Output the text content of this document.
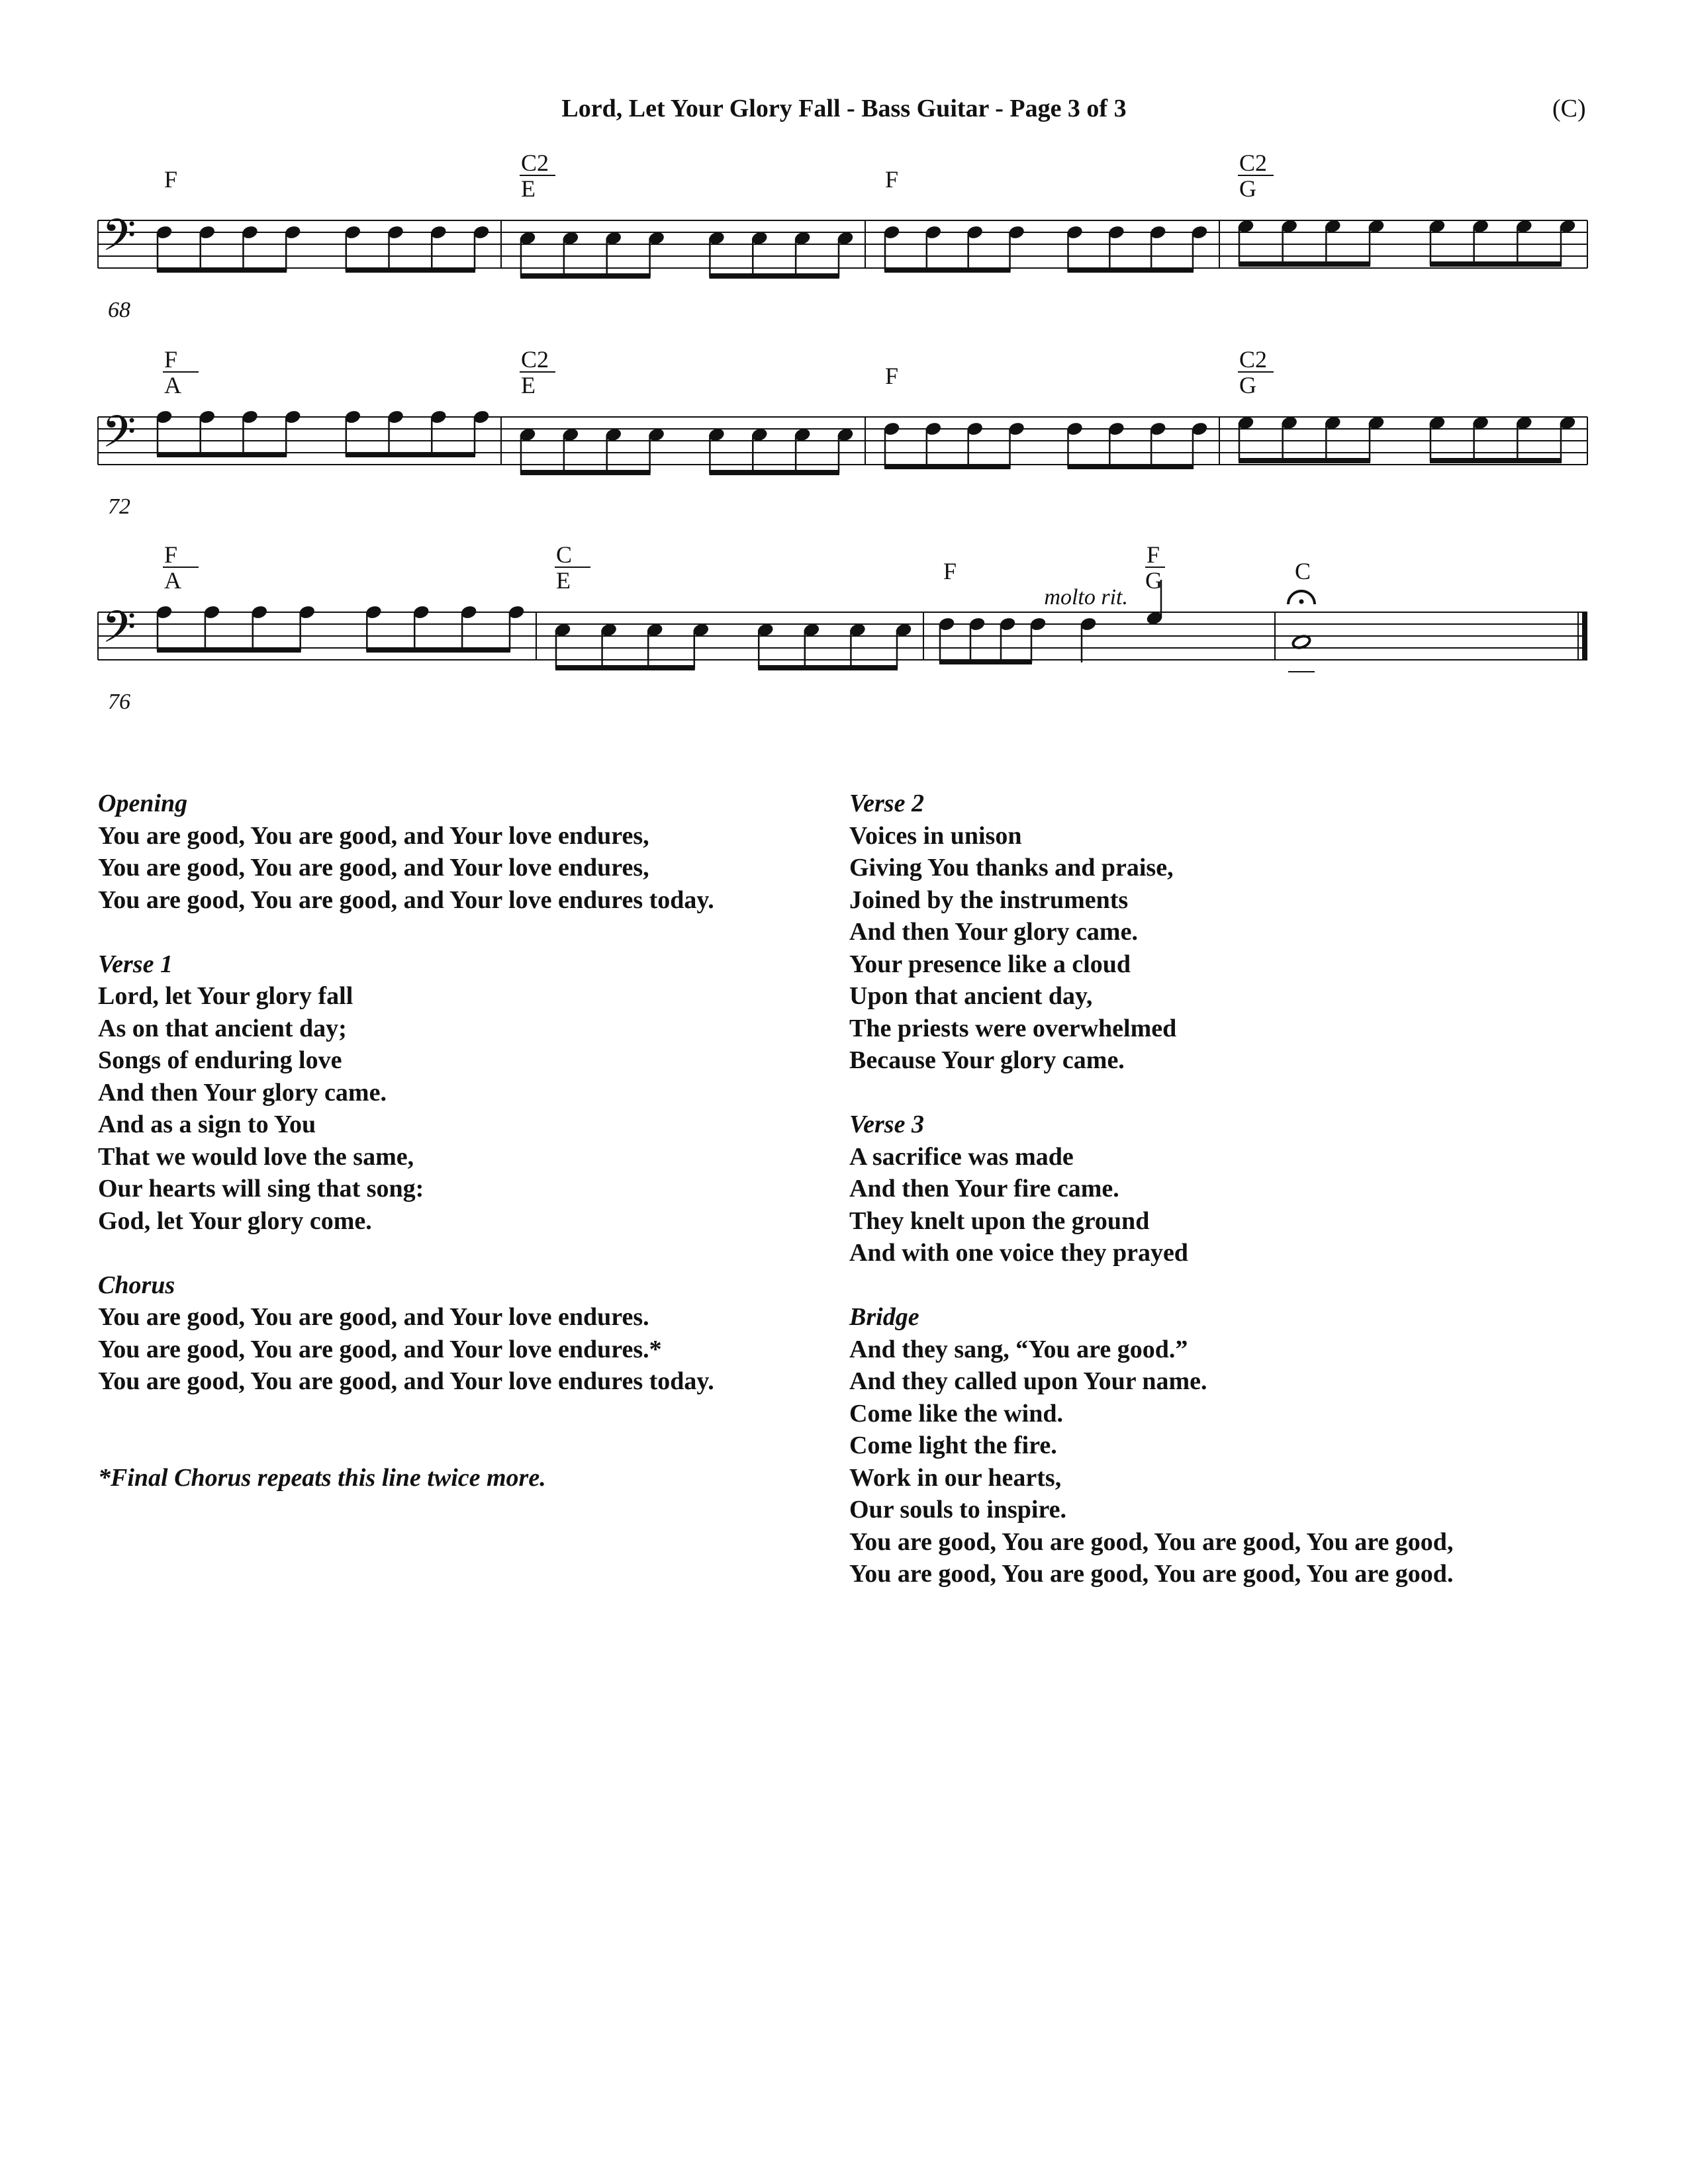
Lord, Let Your Glory Fall - Bass Guitar - Page 3 of 3	(C)
𝄢
68
F
C2
E	F
C2
G
𝄢
72
F
A
C2
E	F
C2
G
𝄢
76
F
A
C
E	F
F
G
molto rit.
C
Opening
You are good, You are good, and Your love endures,
You are good, You are good, and Your love endures,
You are good, You are good, and Your love endures today.
Verse 1
Lord, let Your glory fall
As on that ancient day;
Songs of enduring love
And then Your glory came.
And as a sign to You
That we would love the same,
Our hearts will sing that song:
God, let Your glory come.
Chorus
You are good, You are good, and Your love endures.
You are good, You are good, and Your love endures.*
You are good, You are good, and Your love endures today.
*Final Chorus repeats this line twice more.
Verse 2
Voices in unison
Giving You thanks and praise,
Joined by the instruments
And then Your glory came.
Your presence like a cloud
Upon that ancient day,
The priests were overwhelmed
Because Your glory came.
Verse 3
A sacrifice was made
And then Your fire came.
They knelt upon the ground
And with one voice they prayed
Bridge
And they sang, “You are good.”
And they called upon Your name.
Come like the wind.
Come light the fire.
Work in our hearts,
Our souls to inspire.
You are good, You are good, You are good, You are good,
You are good, You are good, You are good, You are good.
